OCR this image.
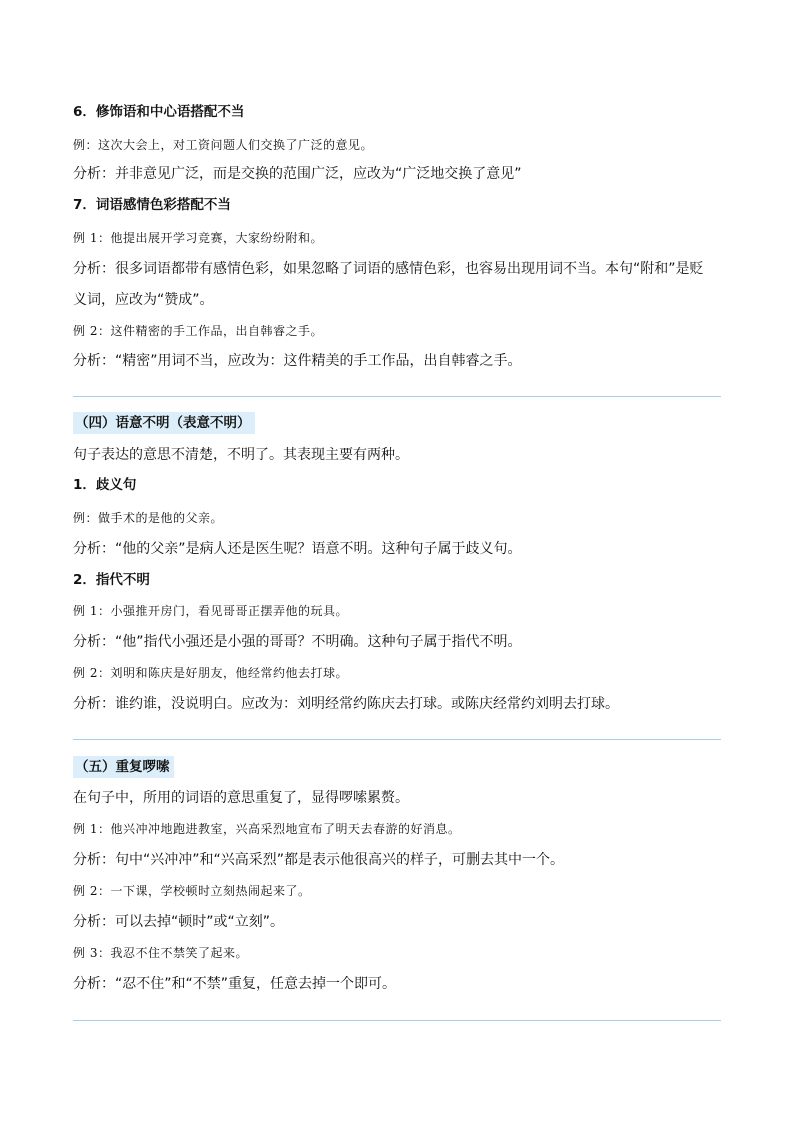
6．修饰语和中心语搭配不当
例：这次大会上，对工资问题人们交换了广泛的意见。
分析：并非意见广泛，而是交换的范围广泛，应改为“广泛地交换了意见”
7．词语感情色彩搭配不当
例 1：他提出展开学习竞赛，大家纷纷附和。
分析：很多词语都带有感情色彩，如果忽略了词语的感情色彩，也容易出现用词不当。本句“附和”是贬
义词，应改为“赞成”。
例 2：这件精密的手工作品，出自韩睿之手。
分析：“精密”用词不当，应改为：这件精美的手工作品，出自韩睿之手。
（四）语意不明（表意不明）
句子表达的意思不清楚，不明了。其表现主要有两种。
1．歧义句
例：做手术的是他的父亲。
分析：“他的父亲”是病人还是医生呢？语意不明。这种句子属于歧义句。
2．指代不明
例 1：小强推开房门，看见哥哥正摆弄他的玩具。
分析：“他”指代小强还是小强的哥哥？不明确。这种句子属于指代不明。
例 2：刘明和陈庆是好朋友，他经常约他去打球。
分析：谁约谁，没说明白。应改为：刘明经常约陈庆去打球。或陈庆经常约刘明去打球。
（五）重复啰嗦
在句子中，所用的词语的意思重复了，显得啰嗦累赘。
例 1：他兴冲冲地跑进教室，兴高采烈地宣布了明天去春游的好消息。
分析：句中“兴冲冲”和“兴高采烈”都是表示他很高兴的样子，可删去其中一个。
例 2：一下课，学校顿时立刻热闹起来了。
分析：可以去掉“顿时”或“立刻”。
例 3：我忍不住不禁笑了起来。
分析：“忍不住”和“不禁”重复，任意去掉一个即可。
